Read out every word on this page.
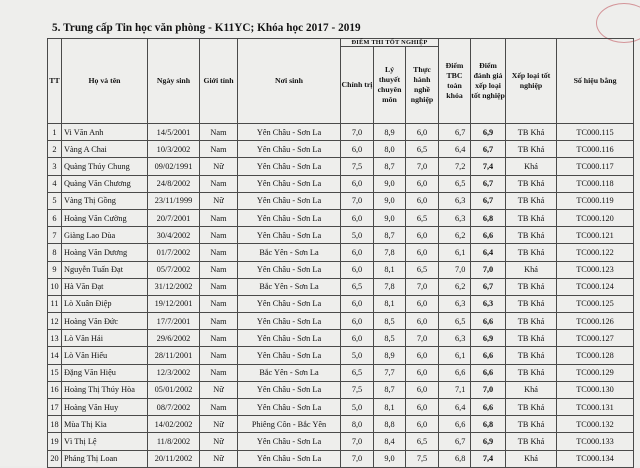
5. Trung cấp Tin học văn phòng - K11YC; Khóa học 2017 - 2019
TT	Họ và tên	Ngày sinh	Giới tính	Nơi sinh	ĐIỂM THI TỐT NGHIỆP			Điểm TBC toàn khóa	Điểm đánh giá xếp loại tốt nghiệp	Xếp loại tốt nghiệp	Số hiệu bằng
					Chính trị	Lý thuyết chuyên môn	Thực hành nghề nghiệp				
1	Vi Văn Anh	14/5/2001	Nam	Yên Châu - Sơn La	7,0	8,9	6,0	6,7	6,9	TB Khá	TC000.115
2	Vàng A Chai	10/3/2002	Nam	Yên Châu - Sơn La	6,0	8,0	6,5	6,4	6,7	TB Khá	TC000.116
3	Quàng Thúy Chung	09/02/1991	Nữ	Yên Châu - Sơn La	7,5	8,7	7,0	7,2	7,4	Khá	TC000.117
4	Quàng Văn Chương	24/8/2002	Nam	Yên Châu - Sơn La	6,0	9,0	6,0	6,5	6,7	TB Khá	TC000.118
5	Vàng Thị Gồng	23/11/1999	Nữ	Yên Châu - Sơn La	7,0	9,0	6,0	6,3	6,7	TB Khá	TC000.119
6	Hoàng Văn Cường	20/7/2001	Nam	Yên Châu - Sơn La	6,0	9,0	6,5	6,3	6,8	TB Khá	TC000.120
7	Giàng Lao Dùa	30/4/2002	Nam	Yên Châu - Sơn La	5,0	8,7	6,0	6,2	6,6	TB Khá	TC000.121
8	Hoàng Văn Dương	01/7/2002	Nam	Bắc Yên - Sơn La	6,0	7,8	6,0	6,1	6,4	TB Khá	TC000.122
9	Nguyễn Tuấn Đạt	05/7/2002	Nam	Yên Châu - Sơn La	6,0	8,1	6,5	7,0	7,0	Khá	TC000.123
10	Hà Văn Đạt	31/12/2002	Nam	Bắc Yên - Sơn La	6,5	7,8	7,0	6,2	6,7	TB Khá	TC000.124
11	Lò Xuân Điệp	19/12/2001	Nam	Yên Châu - Sơn La	6,0	8,1	6,0	6,3	6,3	TB Khá	TC000.125
12	Hoàng Văn Đức	17/7/2001	Nam	Yên Châu - Sơn La	6,0	8,5	6,0	6,5	6,6	TB Khá	TC000.126
13	Lò Văn Hải	29/6/2002	Nam	Yên Châu - Sơn La	6,0	8,5	7,0	6,3	6,9	TB Khá	TC000.127
14	Lò Văn Hiếu	28/11/2001	Nam	Yên Châu - Sơn La	5,0	8,9	6,0	6,1	6,6	TB Khá	TC000.128
15	Đặng Văn Hiệu	12/3/2002	Nam	Bắc Yên - Sơn La	6,5	7,7	6,0	6,6	6,6	TB Khá	TC000.129
16	Hoàng Thị Thúy Hòa	05/01/2002	Nữ	Yên Châu - Sơn La	7,5	8,7	6,0	7,1	7,0	Khá	TC000.130
17	Hoàng Văn Huy	08/7/2002	Nam	Yên Châu - Sơn La	5,0	8,1	6,0	6,4	6,6	TB Khá	TC000.131
18	Mùa Thị Kia	14/02/2002	Nữ	Phiêng Côn - Bắc Yên	8,0	8,8	6,0	6,6	6,8	TB Khá	TC000.132
19	Vì Thị Lệ	11/8/2002	Nữ	Yên Châu - Sơn La	7,0	8,4	6,5	6,7	6,9	TB Khá	TC000.133
20	Pháng Thị Loan	20/11/2002	Nữ	Yên Châu - Sơn La	7,0	9,0	7,5	6,8	7,4	Khá	TC000.134
